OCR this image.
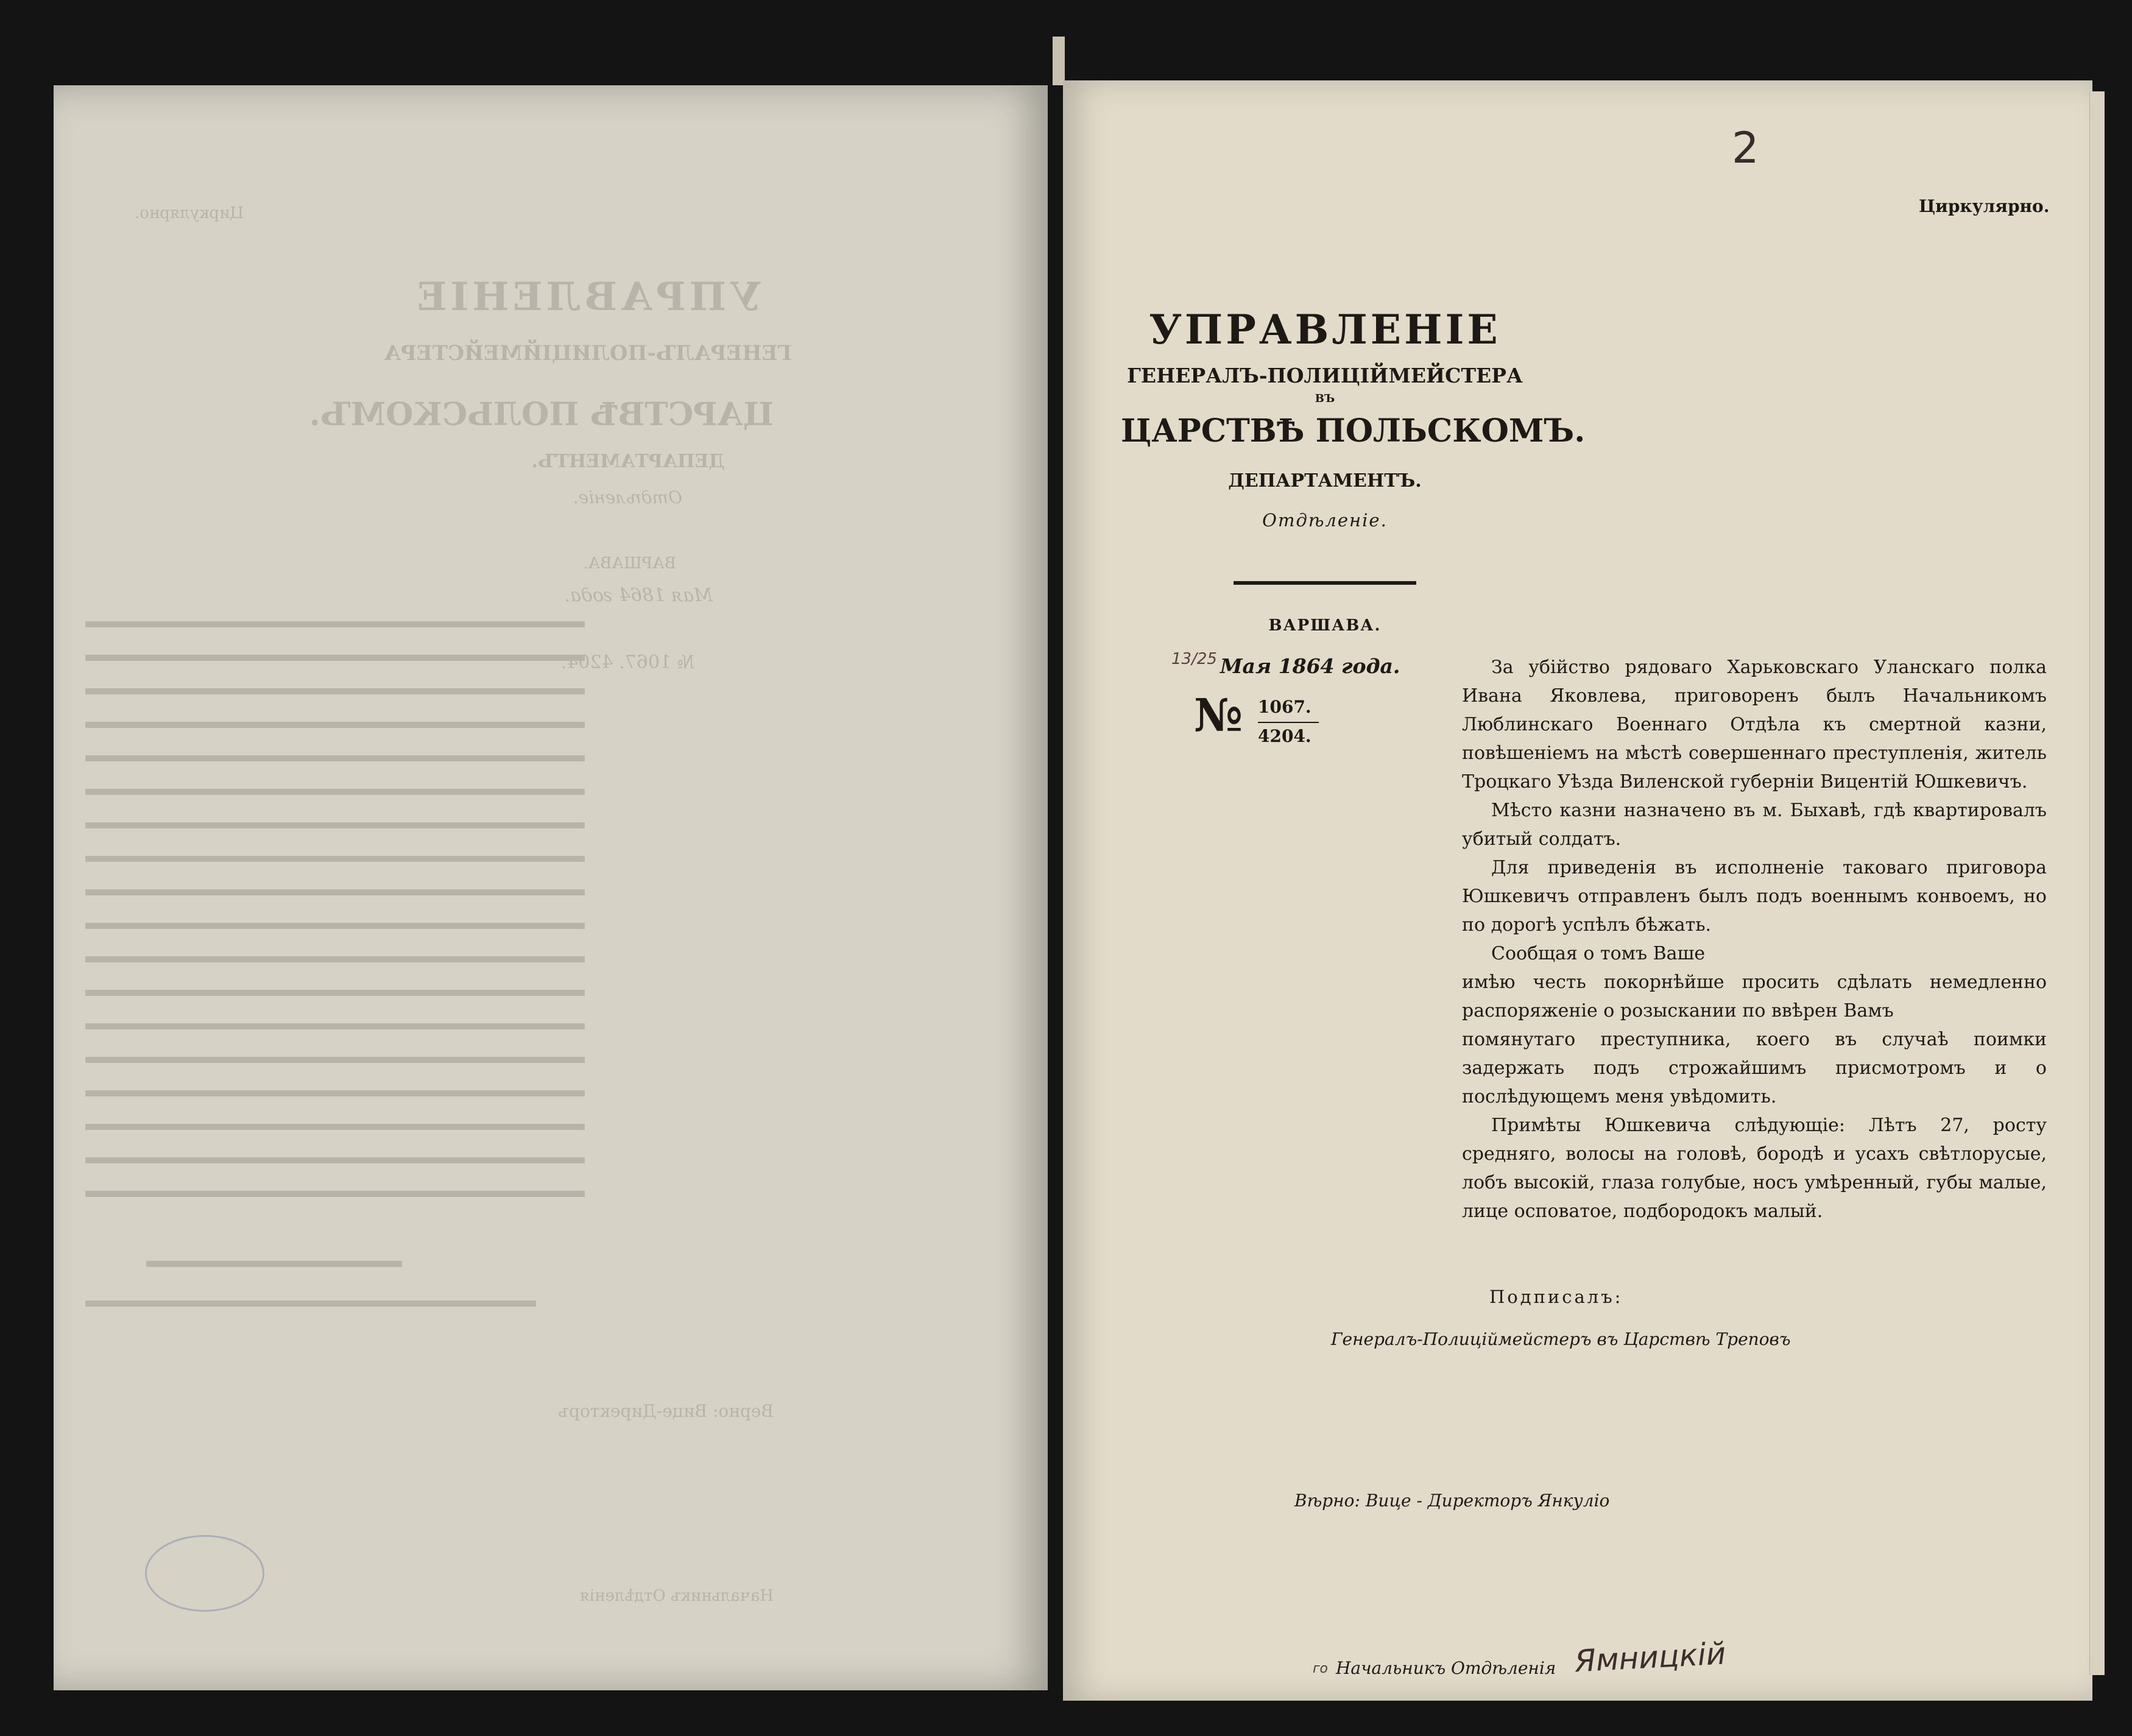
Циркулярно.
УПРАВЛЕНІЕ
ГЕНЕРАЛЪ-ПОЛИЦІЙМЕЙСТЕРА
ЦАРСТВѢ ПОЛЬСКОМЪ.
ДЕПАРТАМЕНТЪ.
Отдѣленіе.
ВАРШАВА.
Мая 1864 года.
№ 1067. 4204.
Верно: Вице-Директоръ
Начальникъ Отдѣленія
2
Циркулярно.
УПРАВЛЕНІЕ
ГЕНЕРАЛЪ-ПОЛИЦІЙМЕЙСТЕРА
ВЪ
ЦАРСТВѢ ПОЛЬСКОМЪ.
ДЕПАРТАМЕНТЪ.
Отдѣленіе.
ВАРШАВА.
13/25 Мая 1864 года.
№ 1067.
4204.

За убійство рядоваго Харьковскаго Уланскаго полка Ивана Яковлева, приговоренъ былъ Начальникомъ Люблинскаго Военнаго Отдѣла къ смертной казни, повѣшеніемъ на мѣстѣ совершеннаго преступленія, житель Троцкаго Уѣзда Виленской губерніи Вицентій Юшкевичъ.

Мѣсто казни назначено въ м. Быхавѣ, гдѣ квартировалъ убитый солдатъ.

Для приведенія въ исполненіе таковаго приговора Юшкевичъ отправленъ былъ подъ военнымъ конвоемъ, но по дорогѣ успѣлъ бѣжать.

Сообщая о томъ Ваше

имѣю честь покорнѣйше просить сдѣлать немедленно распоряженіе о розыскании по ввѣрен Вамъ

помянутаго преступника, коего въ случаѣ поимки задержать подъ строжайшимъ присмотромъ и о послѣдующемъ меня увѣдомить.

Примѣты Юшкевича слѣдующіе: Лѣтъ 27, росту средняго, волосы на головѣ, бородѣ и усахъ свѣтлорусые, лобъ высокій, глаза голубые, носъ умѣренный, губы малые, лице осповатое, подбородокъ малый.

Подписалъ:
Генералъ-Полицiймейстеръ въ Царствѣ Треповъ
Вѣрно: Вице - Директоръ Янкулiо
го Начальникъ Отдѣленія Ямницкiй
